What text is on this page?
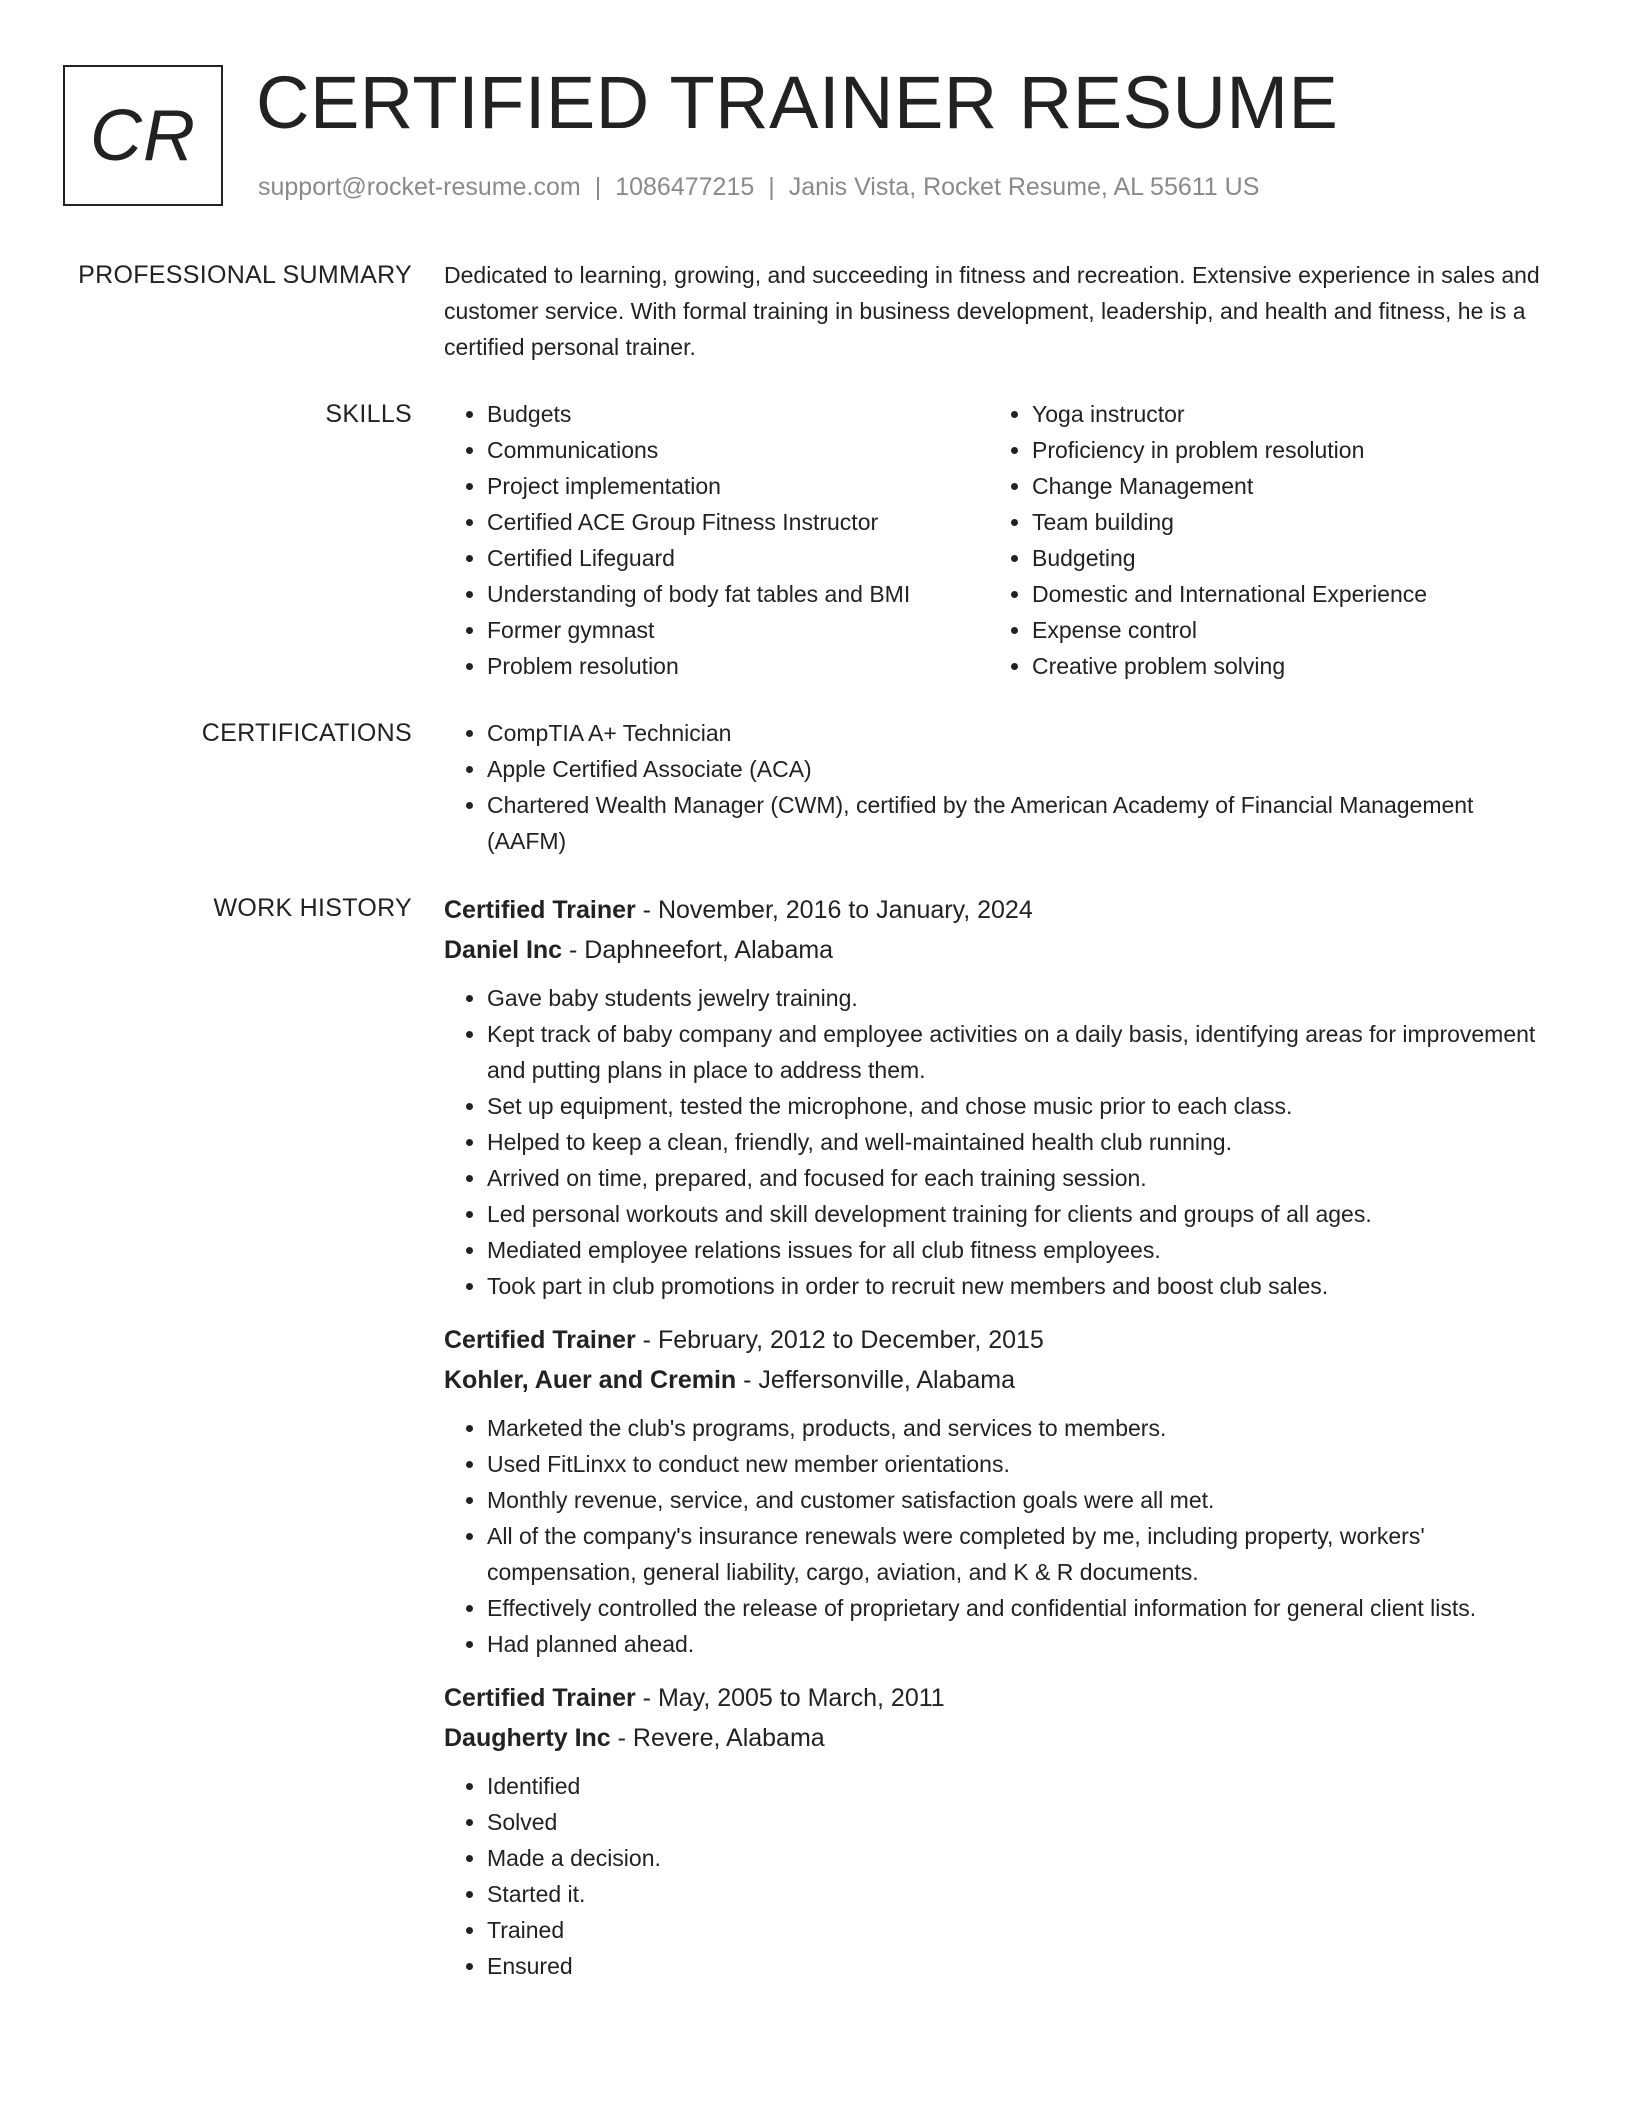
CR CERTIFIED TRAINER RESUME
support@rocket-resume.com | 1086477215 | Janis Vista, Rocket Resume, AL 55611 US
PROFESSIONAL SUMMARY Dedicated to learning, growing, and succeeding in fitness and recreation. Extensive experience in sales and customer service. With formal training in business development, leadership, and health and fitness, he is a certified personal trainer.
SKILLS	• Budgets
• Communications
• Project implementation
• Certified ACE Group Fitness Instructor
• Certified Lifeguard
• Understanding of body fat tables and BMI
• Former gymnast
• Problem resolution
• Yoga instructor
• Proficiency in problem resolution
• Change Management
• Team building
• Budgeting
• Domestic and International Experience
• Expense control
• Creative problem solving
CERTIFICATIONS	• CompTIA A+ Technician
• Apple Certified Associate (ACA)
• Chartered Wealth Manager (CWM), certified by the American Academy of Financial Management (AAFM)
WORK HISTORY Certified Trainer - November, 2016 to January, 2024
Daniel Inc - Daphneefort, Alabama
• Gave baby students jewelry training.
• Kept track of baby company and employee activities on a daily basis, identifying areas for improvement and putting plans in place to address them.
• Set up equipment, tested the microphone, and chose music prior to each class.
• Helped to keep a clean, friendly, and well-maintained health club running.
• Arrived on time, prepared, and focused for each training session.
• Led personal workouts and skill development training for clients and groups of all ages.
• Mediated employee relations issues for all club fitness employees.
• Took part in club promotions in order to recruit new members and boost club sales.
Certified Trainer - February, 2012 to December, 2015
Kohler, Auer and Cremin - Jeffersonville, Alabama
• Marketed the club's programs, products, and services to members.
• Used FitLinxx to conduct new member orientations.
• Monthly revenue, service, and customer satisfaction goals were all met.
• All of the company's insurance renewals were completed by me, including property, workers' compensation, general liability, cargo, aviation, and K & R documents.
• Effectively controlled the release of proprietary and confidential information for general client lists.
• Had planned ahead.
Certified Trainer - May, 2005 to March, 2011
Daugherty Inc - Revere, Alabama
• Identified
• Solved
• Made a decision.
• Started it.
• Trained
• Ensured
